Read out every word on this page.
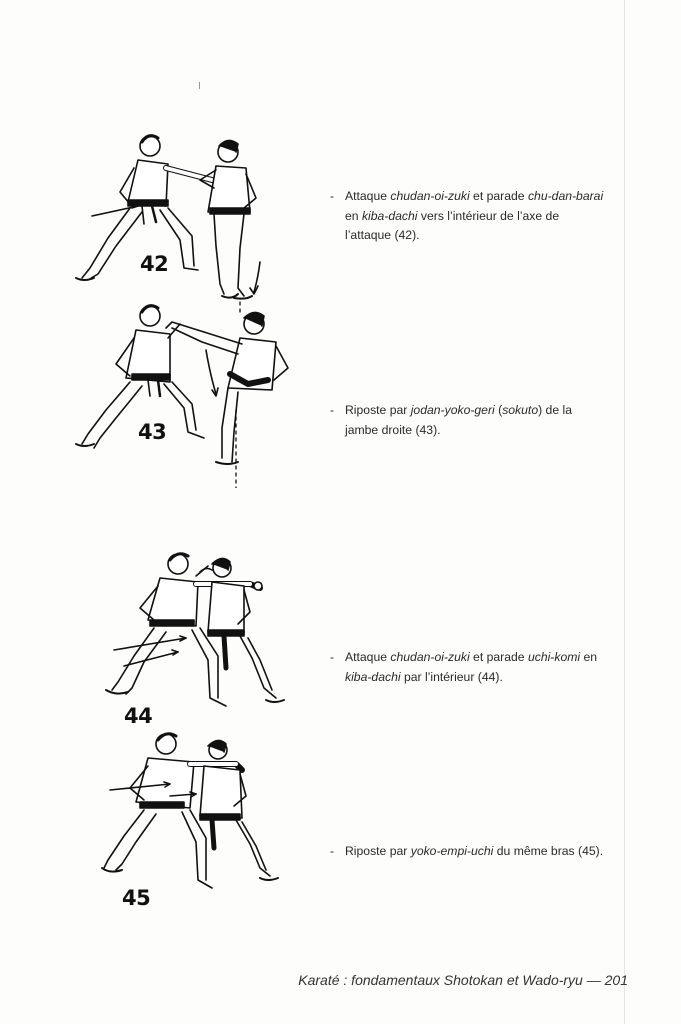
42
43
44
45
- Attaque chudan-oi-zuki et parade chu-dan-barai en kiba-dachi vers l’intérieur de l’axe de l’attaque (42).
- Riposte par jodan-yoko-geri (sokuto) de la jambe droite (43).
- Attaque chudan-oi-zuki et parade uchi-komi en kiba-dachi par l’intérieur (44).
- Riposte par yoko-empi-uchi du même bras (45).
Karaté : fondamentaux Shotokan et Wado-ryu — 201
